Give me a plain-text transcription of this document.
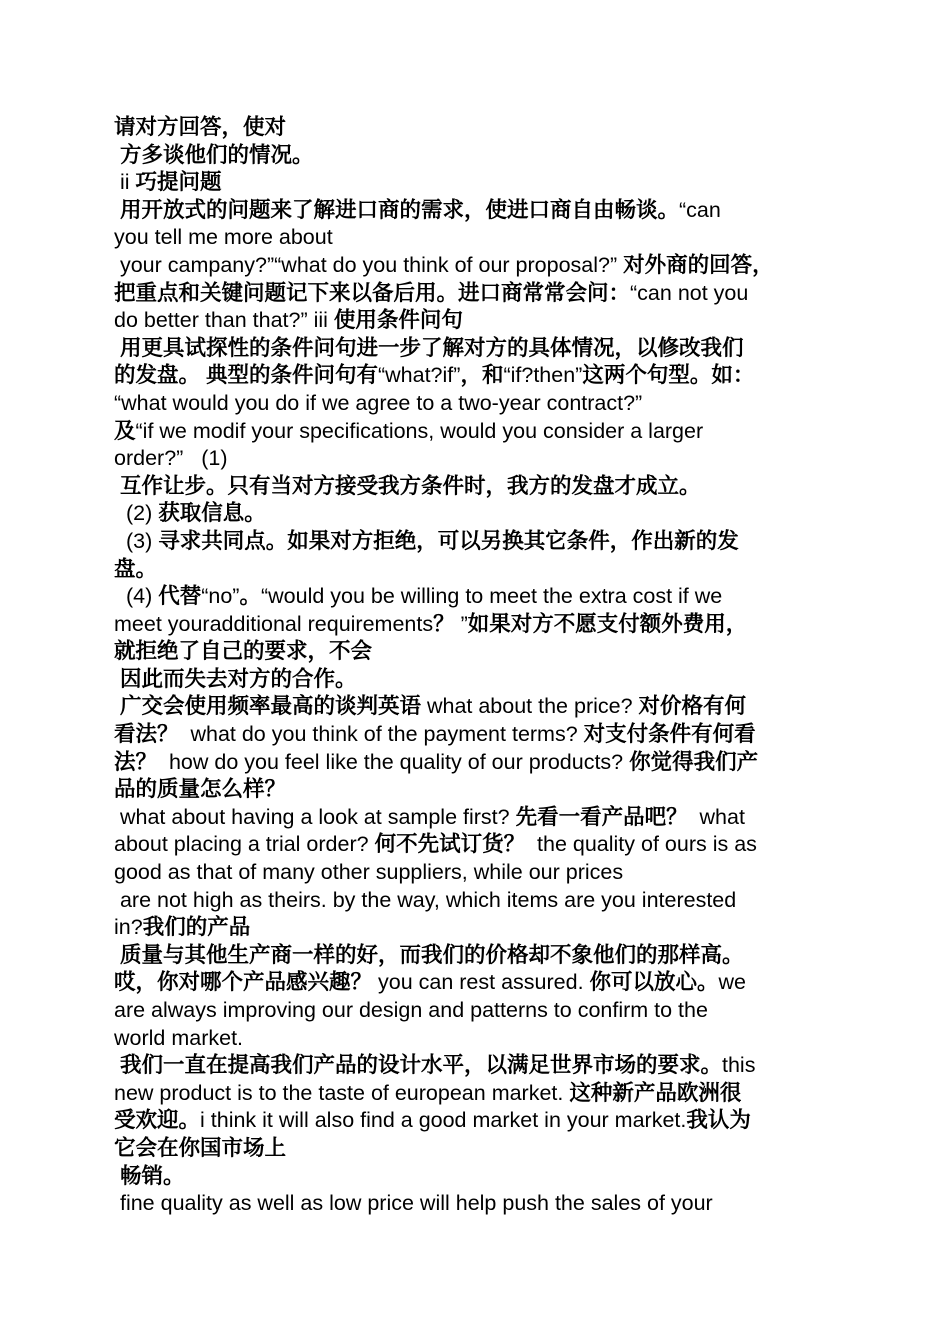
请对方回答，使对
方多谈他们的情况。
ii 巧提问题
用开放式的问题来了解进口商的需求，使进口商自由畅谈。“can
you tell me more about
your campany?”“what do you think of our proposal?” 对外商的回答，
把重点和关键问题记下来以备后用。进口商常常会问：“can not you
do better than that?” iii 使用条件问句
用更具试探性的条件问句进一步了解对方的具体情况，以修改我们
的发盘。 典型的条件问句有“what?if”，和“if?then”这两个句型。如：
“what would you do if we agree to a two-year contract?”
及“if we modif your specifications, would you consider a larger
order?”   (1)
互作让步。只有当对方接受我方条件时，我方的发盘才成立。
(2) 获取信息。
(3) 寻求共同点。如果对方拒绝，可以另换其它条件，作出新的发
盘。
(4) 代替“no”。“would you be willing to meet the extra cost if we
meet youradditional requirements？ ”如果对方不愿支付额外费用，
就拒绝了自己的要求，不会
因此而失去对方的合作。
广交会使用频率最高的谈判英语 what about the price? 对价格有何
看法？  what do you think of the payment terms? 对支付条件有何看
法？  how do you feel like the quality of our products? 你觉得我们产
品的质量怎么样？
what about having a look at sample first? 先看一看产品吧？  what
about placing a trial order? 何不先试订货？  the quality of ours is as
good as that of many other suppliers, while our prices
are not high as theirs. by the way, which items are you interested
in?我们的产品
质量与其他生产商一样的好，而我们的价格却不象他们的那样高。
哎，你对哪个产品感兴趣？ you can rest assured. 你可以放心。we
are always improving our design and patterns to confirm to the
world market.
我们一直在提高我们产品的设计水平，以满足世界市场的要求。this
new product is to the taste of european market. 这种新产品欧洲很
受欢迎。i think it will also find a good market in your market.我认为
它会在你国市场上
畅销。
fine quality as well as low price will help push the sales of your
